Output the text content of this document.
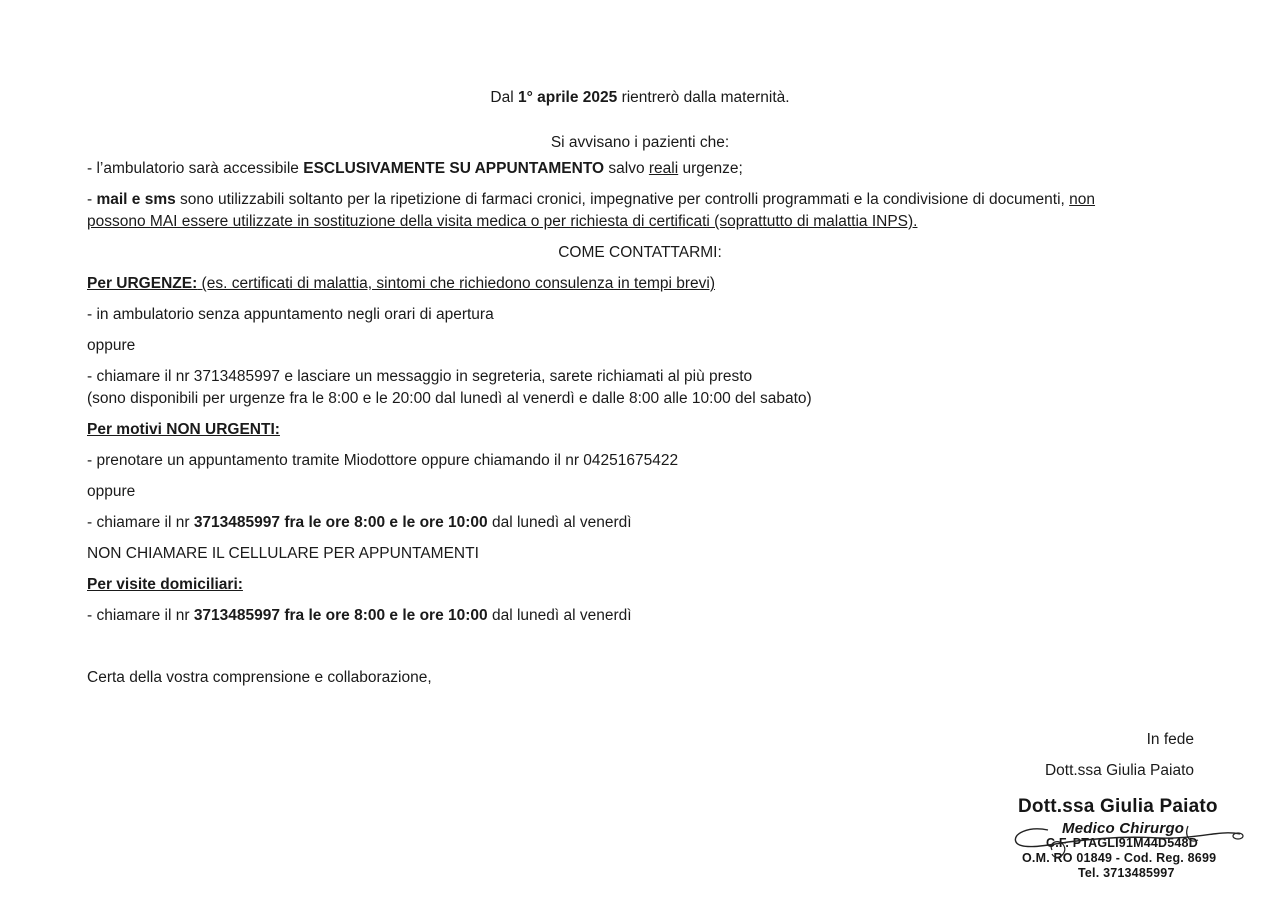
Dal 1° aprile 2025 rientrerò dalla maternità.
Si avvisano i pazienti che:
- l’ambulatorio sarà accessibile ESCLUSIVAMENTE SU APPUNTAMENTO salvo reali urgenze;
- mail e sms sono utilizzabili soltanto per la ripetizione di farmaci cronici, impegnative per controlli programmati e la condivisione di documenti, non
possono MAI essere utilizzate in sostituzione della visita medica o per richiesta di certificati (soprattutto di malattia INPS).
COME CONTATTARMI:
Per URGENZE: (es. certificati di malattia, sintomi che richiedono consulenza in tempi brevi)
- in ambulatorio senza appuntamento negli orari di apertura
oppure
- chiamare il nr 3713485997 e lasciare un messaggio in segreteria, sarete richiamati al più presto
(sono disponibili per urgenze fra le 8:00 e le 20:00 dal lunedì al venerdì e dalle 8:00 alle 10:00 del sabato)
Per motivi NON URGENTI:
- prenotare un appuntamento tramite Miodottore oppure chiamando il nr 04251675422
oppure
- chiamare il nr 3713485997 fra le ore 8:00 e le ore 10:00 dal lunedì al venerdì
NON CHIAMARE IL CELLULARE PER APPUNTAMENTI
Per visite domiciliari:
- chiamare il nr 3713485997 fra le ore 8:00 e le ore 10:00 dal lunedì al venerdì
Certa della vostra comprensione e collaborazione,
In fede
Dott.ssa Giulia Paiato
Dott.ssa Giulia Paiato
Medico Chirurgo
C.F. PTAGLI91M44D548D
O.M. RO 01849 - Cod. Reg. 8699
Tel. 3713485997
